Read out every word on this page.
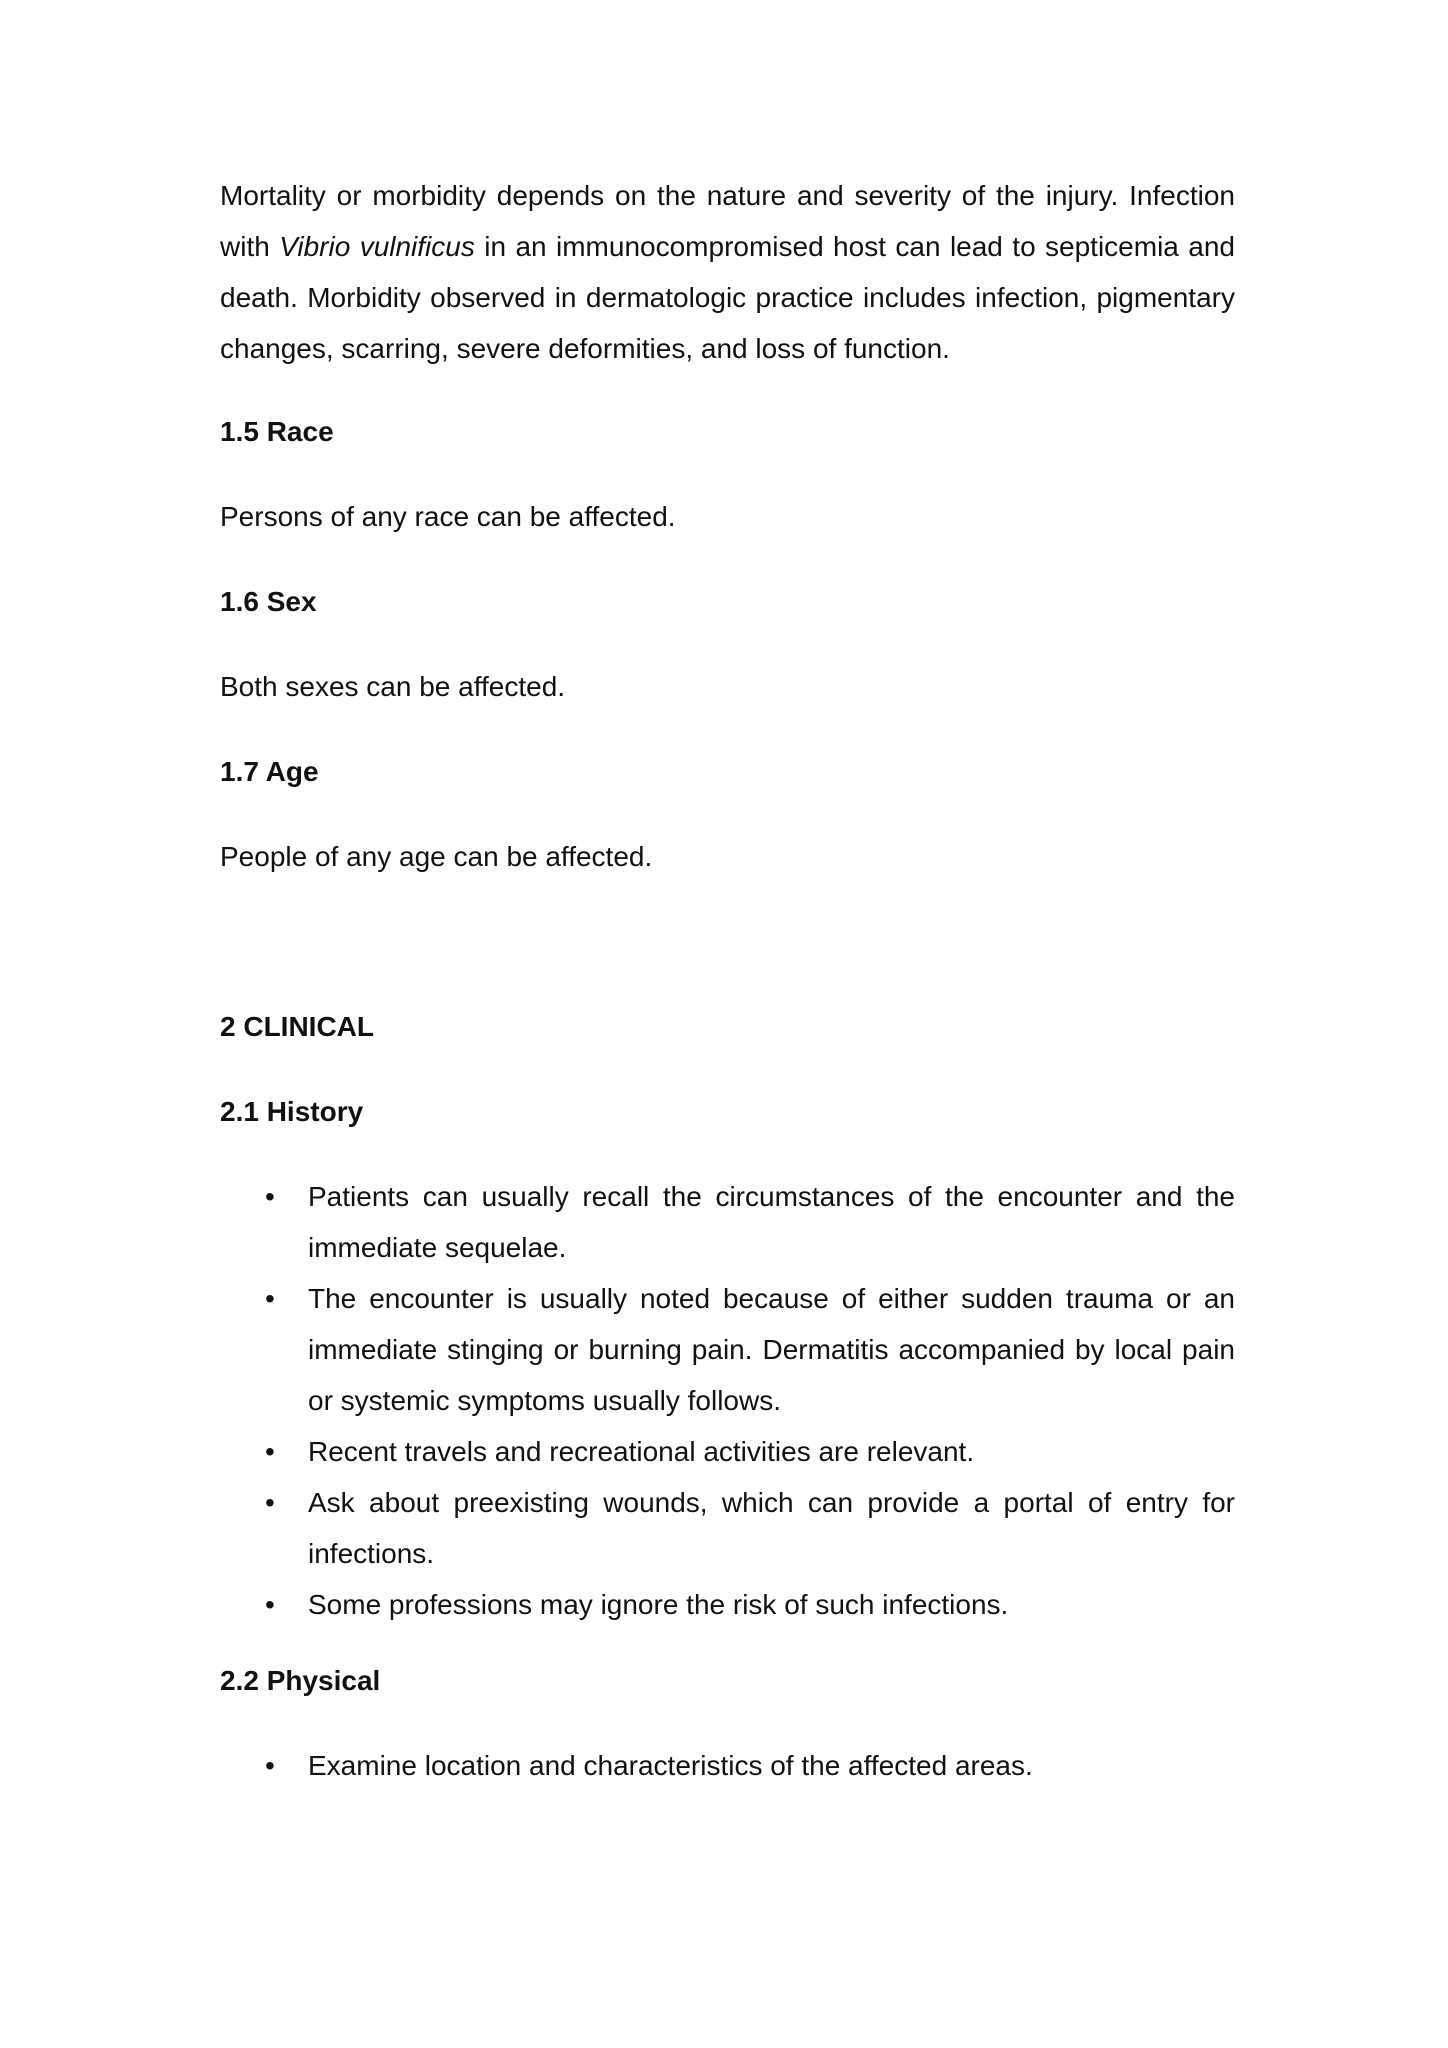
Mortality or morbidity depends on the nature and severity of the injury. Infection with Vibrio vulnificus in an immunocompromised host can lead to septicemia and death. Morbidity observed in dermatologic practice includes infection, pigmentary changes, scarring, severe deformities, and loss of function.

1.5 Race

Persons of any race can be affected.

1.6 Sex

Both sexes can be affected.

1.7 Age

People of any age can be affected.

2 CLINICAL
2.1 History
• Patients can usually recall the circumstances of the encounter and the immediate sequelae.
• The encounter is usually noted because of either sudden trauma or an immediate stinging or burning pain. Dermatitis accompanied by local pain or systemic symptoms usually follows.
• Recent travels and recreational activities are relevant.
• Ask about preexisting wounds, which can provide a portal of entry for infections.
• Some professions may ignore the risk of such infections.
2.2 Physical
• Examine location and characteristics of the affected areas.
